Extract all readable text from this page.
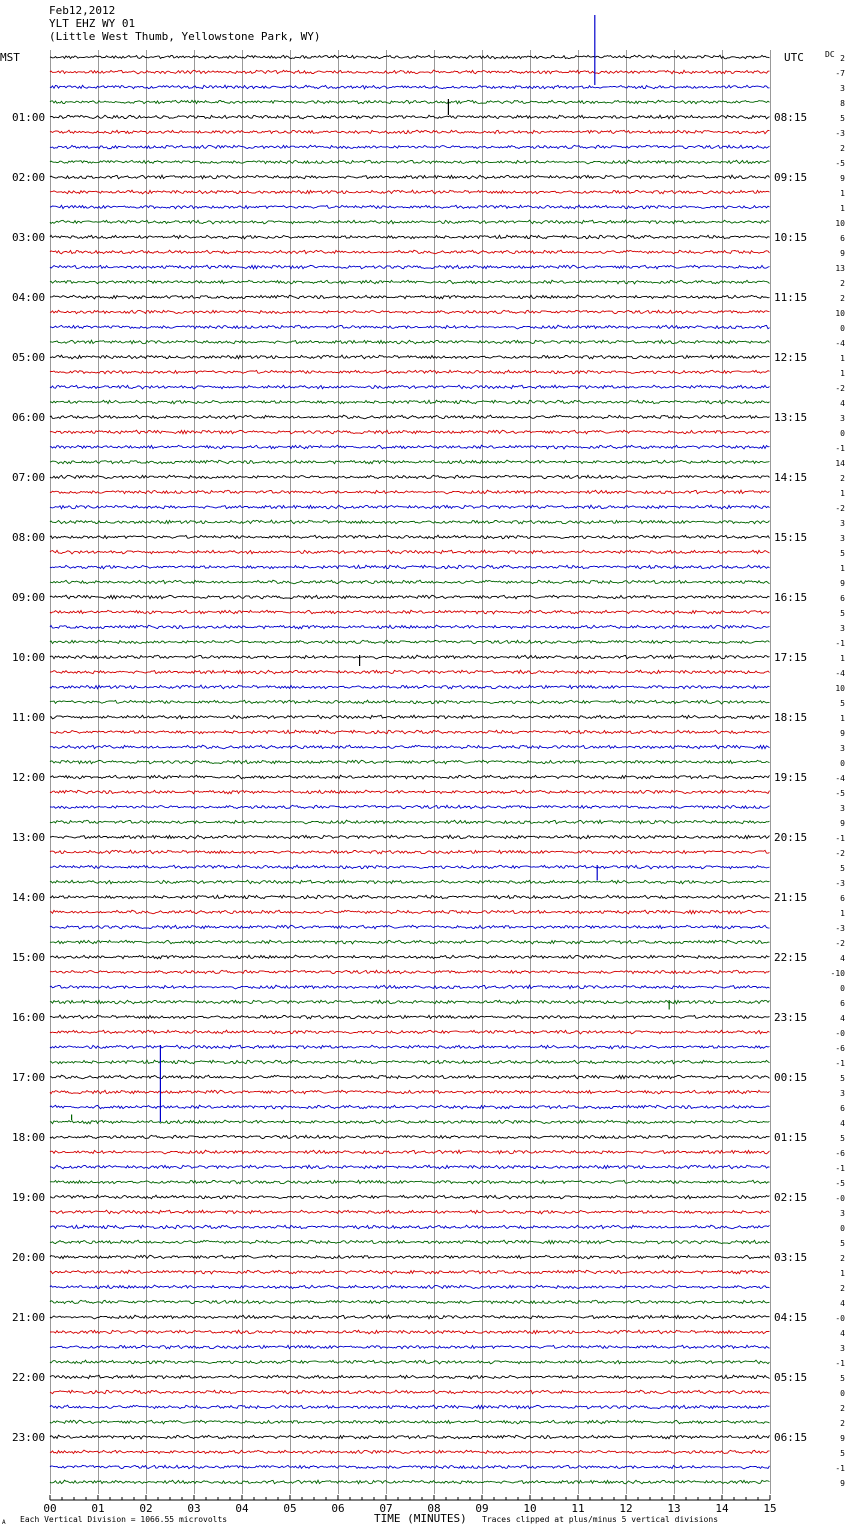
Feb12,2012
YLT EHZ WY 01
(Little West Thumb, Yellowstone Park, WY)
00	01	02	03	04	05	06	07	08	09	10	11	12	13	14	15
MST	UTC	DC
TIME (MINUTES)
Each Vertical Division = 1066.55 microvolts	Traces clipped at plus/minus 5 vertical divisions
A
01:00	08:15
02:00	09:15
03:00	10:15
04:00	11:15
05:00	12:15
06:00	13:15
07:00	14:15
08:00	15:15
09:00	16:15
10:00	17:15
11:00	18:15
12:00	19:15
13:00	20:15
14:00	21:15
15:00	22:15
16:00	23:15
17:00	00:15
18:00	01:15
19:00	02:15
20:00	03:15
21:00	04:15
22:00	05:15
23:00	06:15
2
-7
3
8
5
-3
2
-5
9
1
1
10
6
9
13
2
2
10
0
-4
1
1
-2
4
3
0
-1
14
2
1
-2
3
3
5
1
9
6
5
3
-1
1
-4
10
5
1
9
3
0
-4
-5
3
9
-1
-2
5
-3
6
1
-3
-2
4
-10
0
6
4
-0
-6
-1
5
3
6
4
5
-6
-1
-5
-0
3
0
5
2
1
2
4
-0
4
3
-1
5
0
2
2
9
5
-1
9
